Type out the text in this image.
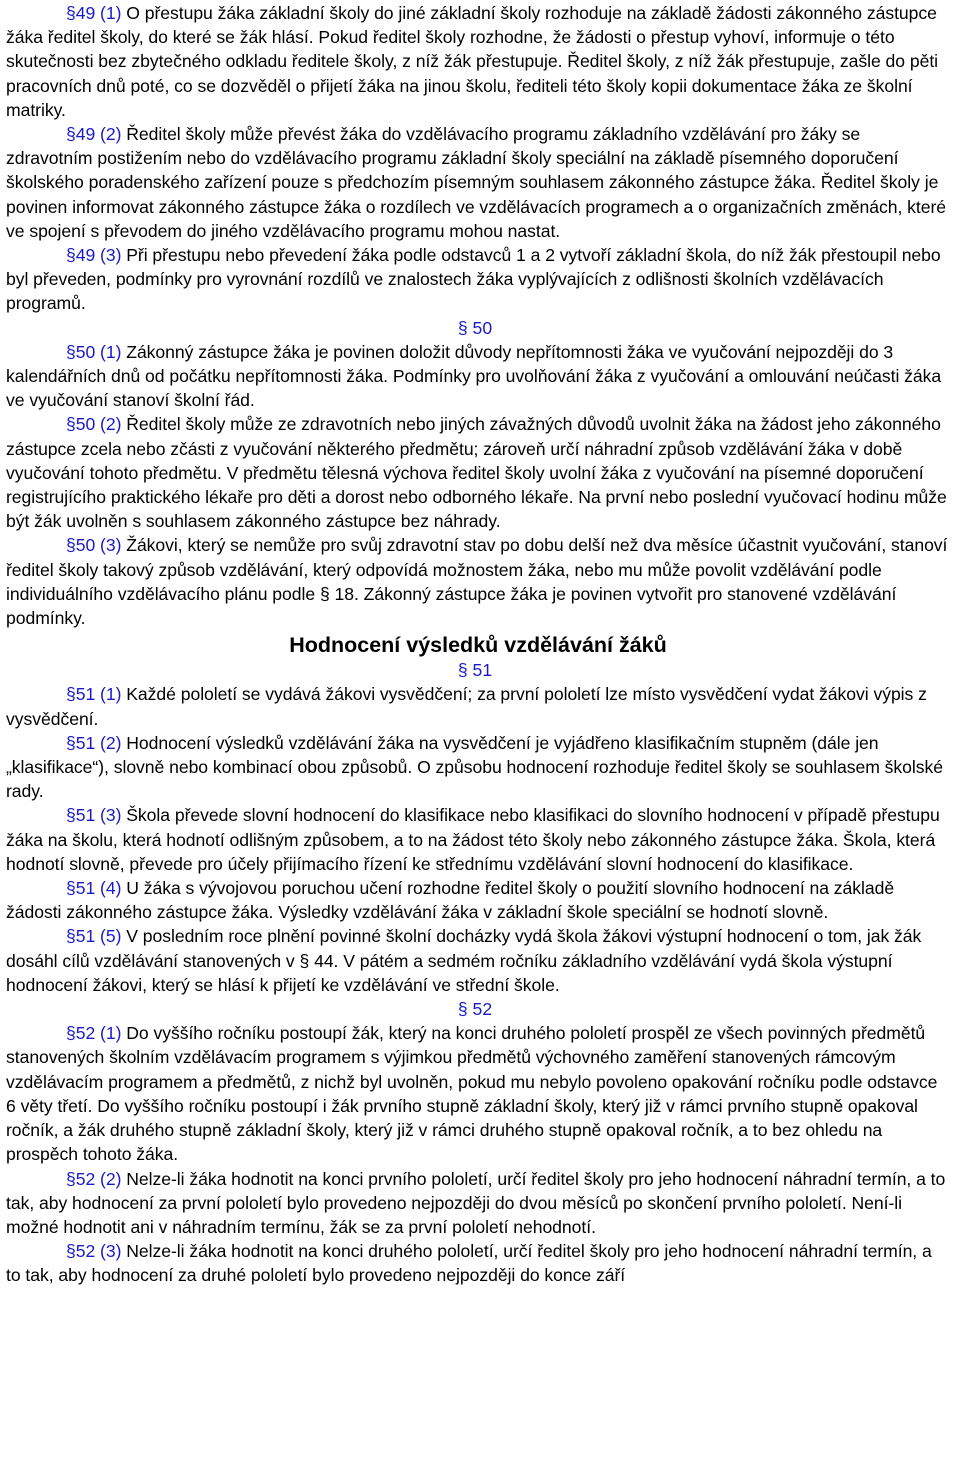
§49 (1) O přestupu žáka základní školy do jiné základní školy rozhoduje na základě žádosti zákonného zástupce žáka ředitel školy, do které se žák hlásí. Pokud ředitel školy rozhodne, že žádosti o přestup vyhoví, informuje o této skutečnosti bez zbytečného odkladu ředitele školy, z níž žák přestupuje. Ředitel školy, z níž žák přestupuje, zašle do pěti pracovních dnů poté, co se dozvěděl o přijetí žáka na jinou školu, řediteli této školy kopii dokumentace žáka ze školní matriky.

§49 (2) Ředitel školy může převést žáka do vzdělávacího programu základního vzdělávání pro žáky se zdravotním postižením nebo do vzdělávacího programu základní školy speciální na základě písemného doporučení školského poradenského zařízení pouze s předchozím písemným souhlasem zákonného zástupce žáka. Ředitel školy je povinen informovat zákonného zástupce žáka o rozdílech ve vzdělávacích programech a o organizačních změnách, které ve spojení s převodem do jiného vzdělávacího programu mohou nastat.

§49 (3) Při přestupu nebo převedení žáka podle odstavců 1 a 2 vytvoří základní škola, do níž žák přestoupil nebo byl převeden, podmínky pro vyrovnání rozdílů ve znalostech žáka vyplývajících z odlišnosti školních vzdělávacích programů.

§ 50

§50 (1) Zákonný zástupce žáka je povinen doložit důvody nepřítomnosti žáka ve vyučování nejpozději do 3 kalendářních dnů od počátku nepřítomnosti žáka. Podmínky pro uvolňování žáka z vyučování a omlouvání neúčasti žáka ve vyučování stanoví školní řád.

§50 (2) Ředitel školy může ze zdravotních nebo jiných závažných důvodů uvolnit žáka na žádost jeho zákonného zástupce zcela nebo zčásti z vyučování některého předmětu; zároveň určí náhradní způsob vzdělávání žáka v době vyučování tohoto předmětu. V předmětu tělesná výchova ředitel školy uvolní žáka z vyučování na písemné doporučení registrujícího praktického lékaře pro děti a dorost nebo odborného lékaře. Na první nebo poslední vyučovací hodinu může být žák uvolněn s souhlasem zákonného zástupce bez náhrady.

§50 (3) Žákovi, který se nemůže pro svůj zdravotní stav po dobu delší než dva měsíce účastnit vyučování, stanoví ředitel školy takový způsob vzdělávání, který odpovídá možnostem žáka, nebo mu může povolit vzdělávání podle individuálního vzdělávacího plánu podle § 18. Zákonný zástupce žáka je povinen vytvořit pro stanovené vzdělávání podmínky.

Hodnocení výsledků vzdělávání žáků

§ 51

§51 (1) Každé pololetí se vydává žákovi vysvědčení; za první pololetí lze místo vysvědčení vydat žákovi výpis z vysvědčení.

§51 (2) Hodnocení výsledků vzdělávání žáka na vysvědčení je vyjádřeno klasifikačním stupněm (dále jen „klasifikace“), slovně nebo kombinací obou způsobů. O způsobu hodnocení rozhoduje ředitel školy se souhlasem školské rady.

§51 (3) Škola převede slovní hodnocení do klasifikace nebo klasifikaci do slovního hodnocení v případě přestupu žáka na školu, která hodnotí odlišným způsobem, a to na žádost této školy nebo zákonného zástupce žáka. Škola, která hodnotí slovně, převede pro účely přijímacího řízení ke střednímu vzdělávání slovní hodnocení do klasifikace.

§51 (4) U žáka s vývojovou poruchou učení rozhodne ředitel školy o použití slovního hodnocení na základě žádosti zákonného zástupce žáka. Výsledky vzdělávání žáka v základní škole speciální se hodnotí slovně.

§51 (5) V posledním roce plnění povinné školní docházky vydá škola žákovi výstupní hodnocení o tom, jak žák dosáhl cílů vzdělávání stanovených v § 44. V pátém a sedmém ročníku základního vzdělávání vydá škola výstupní hodnocení žákovi, který se hlásí k přijetí ke vzdělávání ve střední škole.

§ 52

§52 (1) Do vyššího ročníku postoupí žák, který na konci druhého pololetí prospěl ze všech povinných předmětů stanovených školním vzdělávacím programem s výjimkou předmětů výchovného zaměření stanovených rámcovým vzdělávacím programem a předmětů, z nichž byl uvolněn, pokud mu nebylo povoleno opakování ročníku podle odstavce 6 věty třetí. Do vyššího ročníku postoupí i žák prvního stupně základní školy, který již v rámci prvního stupně opakoval ročník, a žák druhého stupně základní školy, který již v rámci druhého stupně opakoval ročník, a to bez ohledu na prospěch tohoto žáka.

§52 (2) Nelze-li žáka hodnotit na konci prvního pololetí, určí ředitel školy pro jeho hodnocení náhradní termín, a to tak, aby hodnocení za první pololetí bylo provedeno nejpozději do dvou měsíců po skončení prvního pololetí. Není-li možné hodnotit ani v náhradním termínu, žák se za první pololetí nehodnotí.

§52 (3) Nelze-li žáka hodnotit na konci druhého pololetí, určí ředitel školy pro jeho hodnocení náhradní termín, a to tak, aby hodnocení za druhé pololetí bylo provedeno nejpozději do konce září
